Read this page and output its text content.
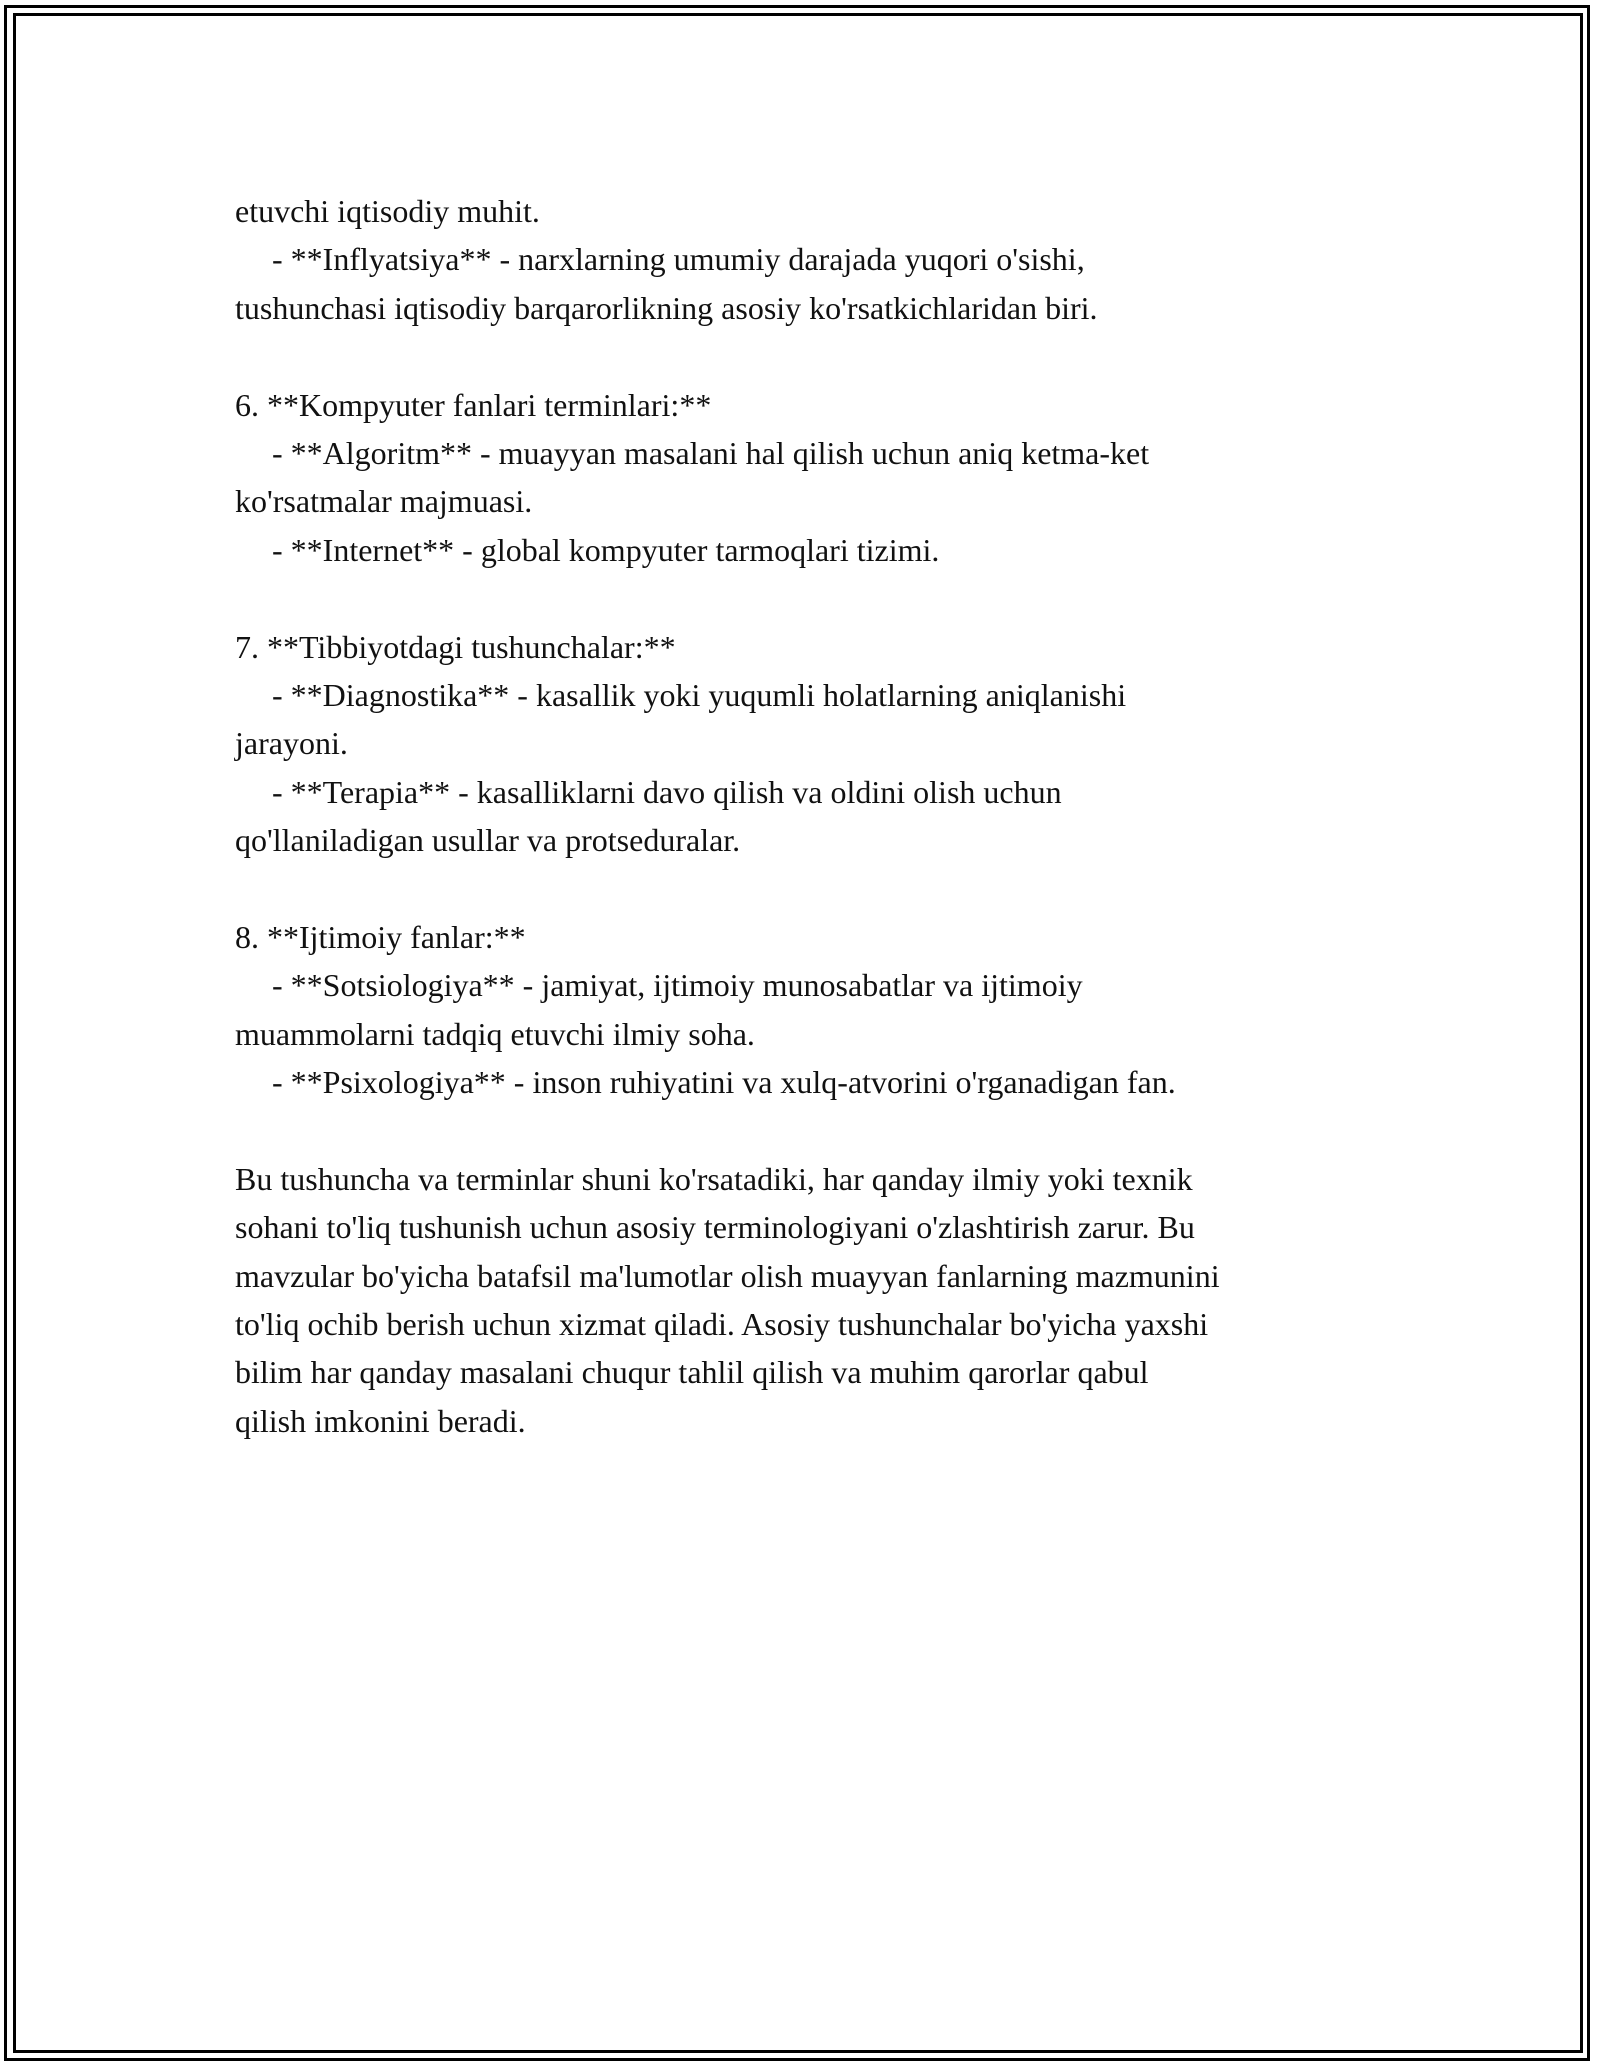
etuvchi iqtisodiy muhit.
- **Inflyatsiya** - narxlarning umumiy darajada yuqori o'sishi,
tushunchasi iqtisodiy barqarorlikning asosiy ko'rsatkichlaridan biri.
6. **Kompyuter fanlari terminlari:**
- **Algoritm** - muayyan masalani hal qilish uchun aniq ketma-ket
ko'rsatmalar majmuasi.
- **Internet** - global kompyuter tarmoqlari tizimi.
7. **Tibbiyotdagi tushunchalar:**
- **Diagnostika** - kasallik yoki yuqumli holatlarning aniqlanishi
jarayoni.
- **Terapia** - kasalliklarni davo qilish va oldini olish uchun
qo'llaniladigan usullar va protseduralar.
8. **Ijtimoiy fanlar:**
- **Sotsiologiya** - jamiyat, ijtimoiy munosabatlar va ijtimoiy
muammolarni tadqiq etuvchi ilmiy soha.
- **Psixologiya** - inson ruhiyatini va xulq-atvorini o'rganadigan fan.
Bu tushuncha va terminlar shuni ko'rsatadiki, har qanday ilmiy yoki texnik
sohani to'liq tushunish uchun asosiy terminologiyani o'zlashtirish zarur. Bu
mavzular bo'yicha batafsil ma'lumotlar olish muayyan fanlarning mazmunini
to'liq ochib berish uchun xizmat qiladi. Asosiy tushunchalar bo'yicha yaxshi
bilim har qanday masalani chuqur tahlil qilish va muhim qarorlar qabul
qilish imkonini beradi.
